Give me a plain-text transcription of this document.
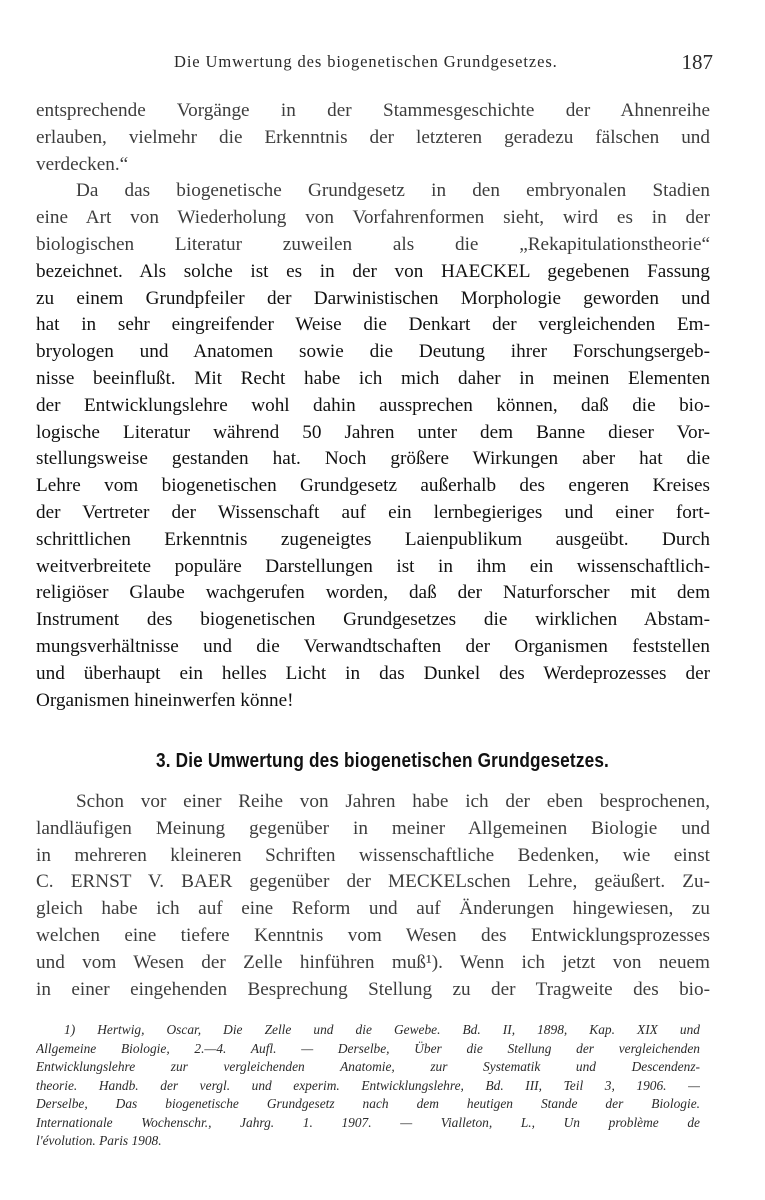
Die Umwertung des biogenetischen Grundgesetzes.	187
entsprechende Vorgänge in der Stammesgeschichte der Ahnenreihe
erlauben, vielmehr die Erkenntnis der letzteren geradezu fälschen und
verdecken.“
Da das biogenetische Grundgesetz in den embryonalen Stadien
eine Art von Wiederholung von Vorfahrenformen sieht, wird es in der
biologischen Literatur zuweilen als die „Rekapitulationstheorie“
bezeichnet. Als solche ist es in der von HAECKEL gegebenen Fassung
zu einem Grundpfeiler der Darwinistischen Morphologie geworden und
hat in sehr eingreifender Weise die Denkart der vergleichenden Em-
bryologen und Anatomen sowie die Deutung ihrer Forschungsergeb-
nisse beeinflußt. Mit Recht habe ich mich daher in meinen Elementen
der Entwicklungslehre wohl dahin aussprechen können, daß die bio-
logische Literatur während 50 Jahren unter dem Banne dieser Vor-
stellungsweise gestanden hat. Noch größere Wirkungen aber hat die
Lehre vom biogenetischen Grundgesetz außerhalb des engeren Kreises
der Vertreter der Wissenschaft auf ein lernbegieriges und einer fort-
schrittlichen Erkenntnis zugeneigtes Laienpublikum ausgeübt. Durch
weitverbreitete populäre Darstellungen ist in ihm ein wissenschaftlich-
religiöser Glaube wachgerufen worden, daß der Naturforscher mit dem
Instrument des biogenetischen Grundgesetzes die wirklichen Abstam-
mungsverhältnisse und die Verwandtschaften der Organismen feststellen
und überhaupt ein helles Licht in das Dunkel des Werdeprozesses der
Organismen hineinwerfen könne!
3. Die Umwertung des biogenetischen Grundgesetzes.
Schon vor einer Reihe von Jahren habe ich der eben besprochenen,
landläufigen Meinung gegenüber in meiner Allgemeinen Biologie und
in mehreren kleineren Schriften wissenschaftliche Bedenken, wie einst
C. ERNST V. BAER gegenüber der MECKELschen Lehre, geäußert. Zu-
gleich habe ich auf eine Reform und auf Änderungen hingewiesen, zu
welchen eine tiefere Kenntnis vom Wesen des Entwicklungsprozesses
und vom Wesen der Zelle hinführen muß¹). Wenn ich jetzt von neuem
in einer eingehenden Besprechung Stellung zu der Tragweite des bio-
1) Hertwig, Oscar, Die Zelle und die Gewebe. Bd. II, 1898, Kap. XIX und
Allgemeine Biologie, 2.—4. Aufl. — Derselbe, Über die Stellung der vergleichenden
Entwicklungslehre zur vergleichenden Anatomie, zur Systematik und Descendenz-
theorie. Handb. der vergl. und experim. Entwicklungslehre, Bd. III, Teil 3, 1906. —
Derselbe, Das biogenetische Grundgesetz nach dem heutigen Stande der Biologie.
Internationale Wochenschr., Jahrg. 1. 1907. — Vialleton, L., Un problème de
l'évolution. Paris 1908.
